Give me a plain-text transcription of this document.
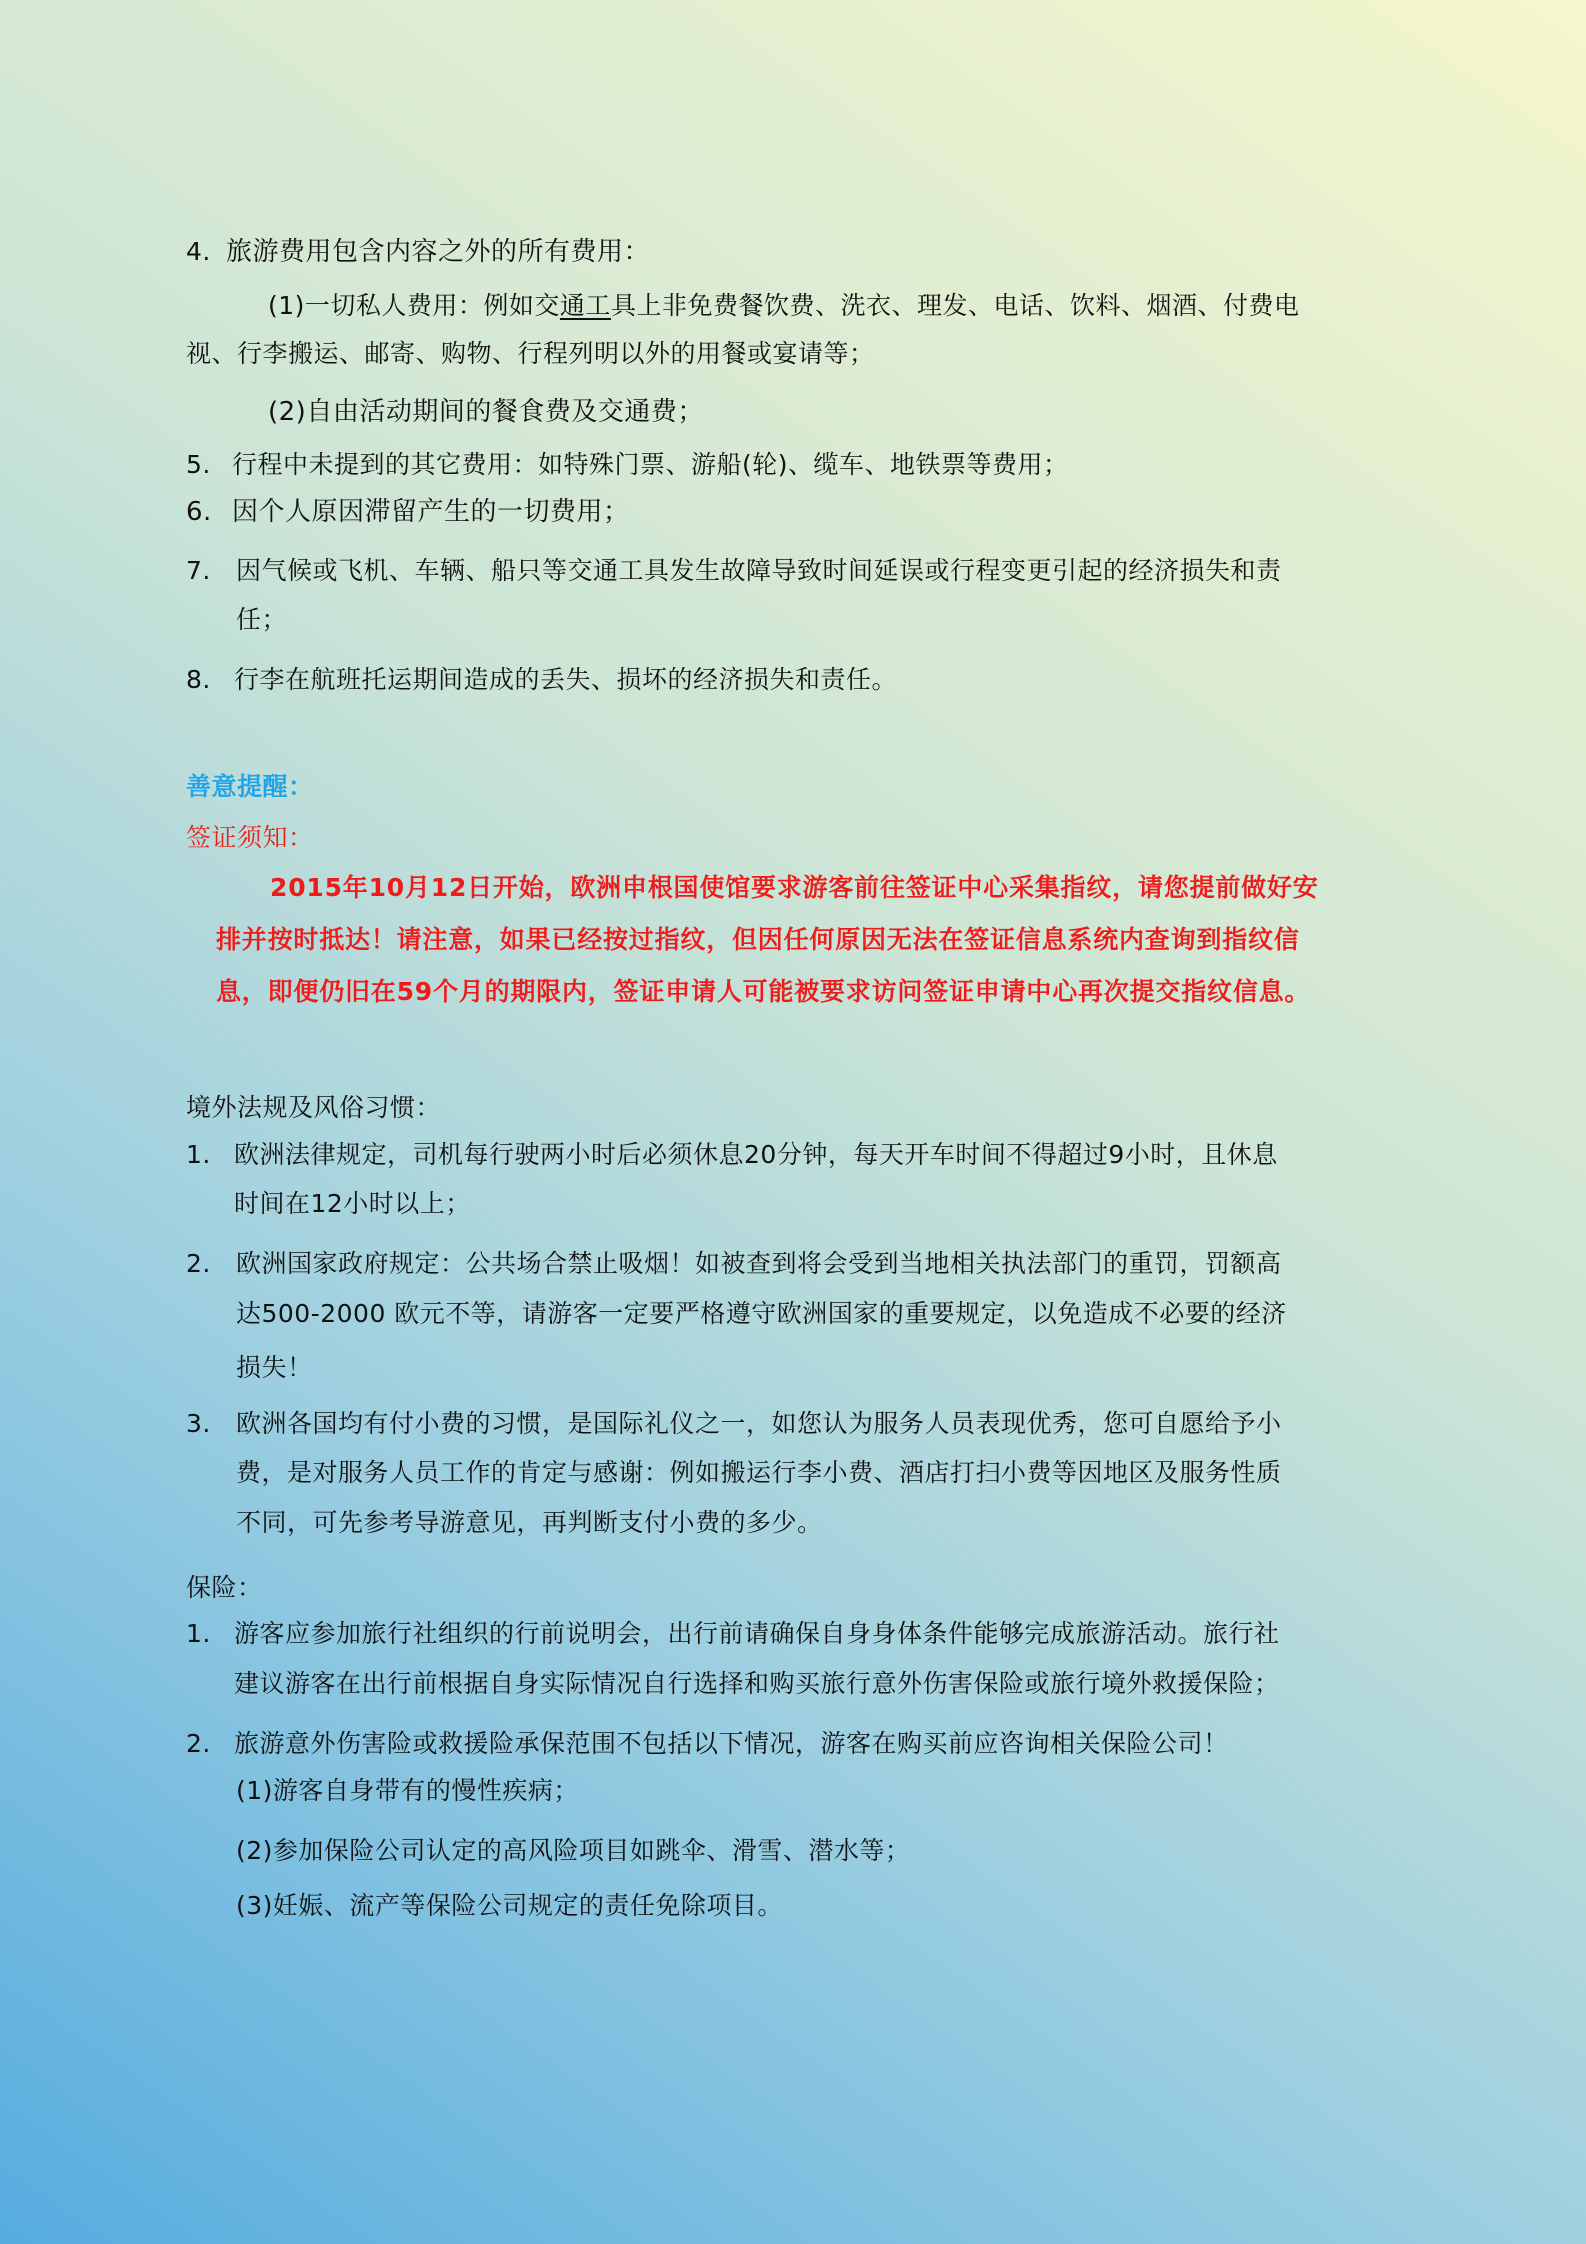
4. 旅游费用包含内容之外的所有费用：
(1)一切私人费用：例如交通工具上非免费餐饮费、洗衣、理发、电话、饮料、烟酒、付费电
视、行李搬运、邮寄、购物、行程列明以外的用餐或宴请等；
(2)自由活动期间的餐食费及交通费；
5. 行程中未提到的其它费用：如特殊门票、游船(轮)、缆车、地铁票等费用；
6. 因个人原因滞留产生的一切费用；
7. 因气候或飞机、车辆、船只等交通工具发生故障导致时间延误或行程变更引起的经济损失和责
任；
8. 行李在航班托运期间造成的丢失、损坏的经济损失和责任。
善意提醒：
签证须知：
2015年10月12日开始，欧洲申根国使馆要求游客前往签证中心采集指纹，请您提前做好安
排并按时抵达！请注意，如果已经按过指纹，但因任何原因无法在签证信息系统内查询到指纹信
息，即便仍旧在59个月的期限内，签证申请人可能被要求访问签证申请中心再次提交指纹信息。
境外法规及风俗习惯：
1. 欧洲法律规定，司机每行驶两小时后必须休息20分钟，每天开车时间不得超过9小时，且休息
时间在12小时以上；
2. 欧洲国家政府规定：公共场合禁止吸烟！如被查到将会受到当地相关执法部门的重罚，罚额高
达500-2000 欧元不等，请游客一定要严格遵守欧洲国家的重要规定，以免造成不必要的经济
损失！
3. 欧洲各国均有付小费的习惯，是国际礼仪之一，如您认为服务人员表现优秀，您可自愿给予小
费，是对服务人员工作的肯定与感谢：例如搬运行李小费、酒店打扫小费等因地区及服务性质
不同，可先参考导游意见，再判断支付小费的多少。
保险：
1. 游客应参加旅行社组织的行前说明会，出行前请确保自身身体条件能够完成旅游活动。旅行社
建议游客在出行前根据自身实际情况自行选择和购买旅行意外伤害保险或旅行境外救援保险；
2. 旅游意外伤害险或救援险承保范围不包括以下情况，游客在购买前应咨询相关保险公司！
(1)游客自身带有的慢性疾病；
(2)参加保险公司认定的高风险项目如跳伞、滑雪、潜水等；
(3)妊娠、流产等保险公司规定的责任免除项目。
